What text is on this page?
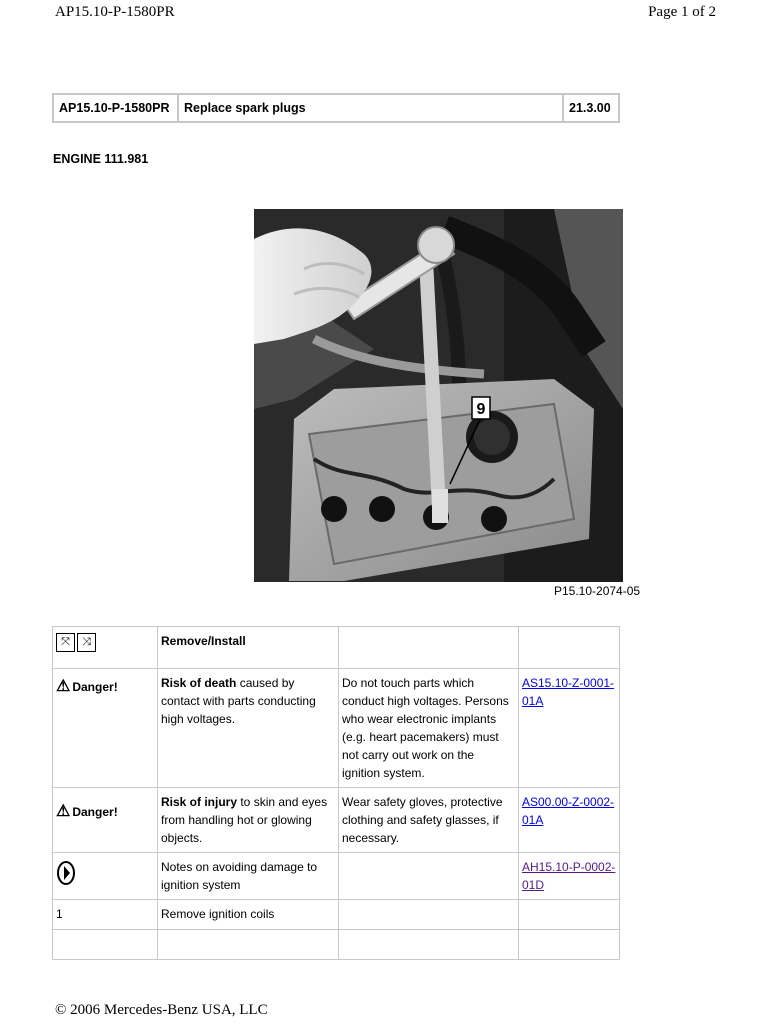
AP15.10-P-1580PR	Page 1 of 2
AP15.10-P-1580PR	Replace spark plugs	21.3.00
ENGINE 111.981
9
P15.10-2074-05
⤧ ⤨	Remove/Install		

⚠ Danger!	Risk of death caused by contact with parts conducting high voltages.	Do not touch parts which conduct high voltages. Persons who wear electronic implants (e.g. heart pacemakers) must not carry out work on the ignition system.	AS15.10-Z-0001-01A

⚠ Danger!	Risk of injury to skin and eyes from handling hot or glowing objects.	Wear safety gloves, protective clothing and safety glasses, if necessary.	AS00.00-Z-0002-01A
	Notes on avoiding damage to ignition system		AH15.10-P-0002-01D
1	Remove ignition coils		

© 2006 Mercedes-Benz USA, LLC
